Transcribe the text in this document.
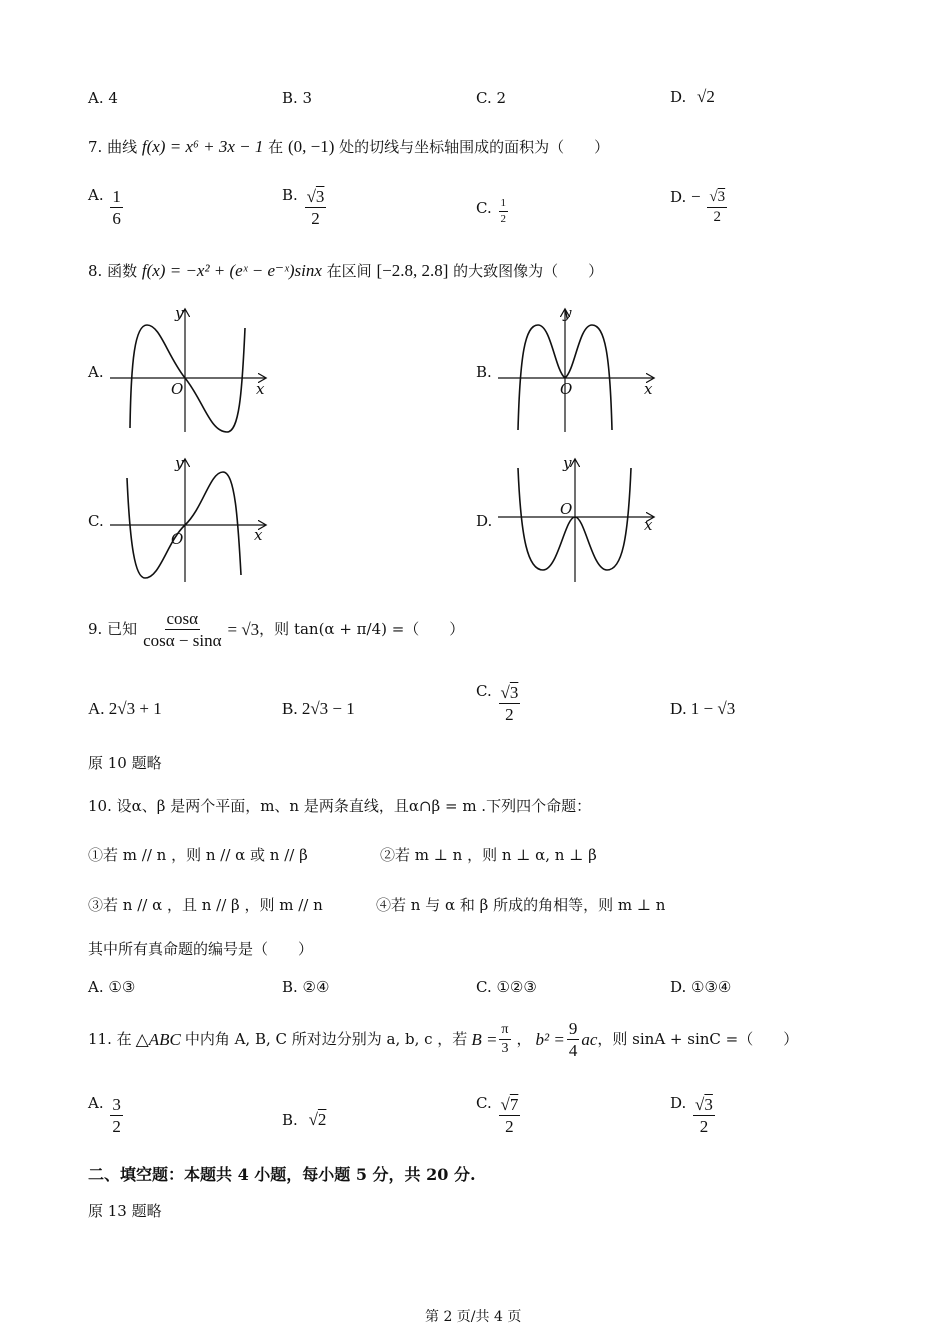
A. 4	B. 3	C. 2	D. √2
7. 曲线 f(x) = x⁶ + 3x − 1 在 (0, −1) 处的切线与坐标轴围成的面积为（　　）
A. $\frac{1}{6}$	B. $\frac{√3}{2}$	C. $\frac{1}{2}$
D. − $\frac{√3}{2}$
8. 函数 f(x) = −x² + (eˣ − e⁻ˣ)sinx 在区间 [−2.8, 2.8] 的大致图像为（　　）
A.
y
O	x
B.
y
O	x
C.
y
O	x
D.
y
O
x
9. 已知 $\frac{\cos\alpha}{\cos\alpha - \sin\alpha} = √3$ ，则 tan(α + π/4) =（　　）
A. 2√3 + 1	B. 2√3 − 1
C. $\frac{√3}{2}$	D. 1 − √3
原 10 题略
10. 设α、β 是两个平面，m、n 是两条直线，且α∩β = m .下列四个命题：
①若 m // n ，则 n // α 或 n // β	②若 m ⊥ n ，则 n ⊥ α, n ⊥ β
③若 n // α ，且 n // β ，则 m // n	④若 n 与 α 和 β 所成的角相等，则 m ⊥ n
其中所有真命题的编号是（　　）
A. ①③	B. ②④	C. ①②③	D. ①③④
11. 在 △ABC 中内角 A, B, C 所对边分别为 a, b, c ，若 $B = \frac{\pi}{3}$ ， $b^2 = \frac{9}{4}$ ac ，则 sinA + sinC =（　　）
A. $\frac{3}{2}$	B. √2
C. $\frac{√7}{2}$	D. $\frac{√3}{2}$
二、填空题：本题共 4 小题，每小题 5 分，共 20 分.
原 13 题略
第 2 页/共 4 页
